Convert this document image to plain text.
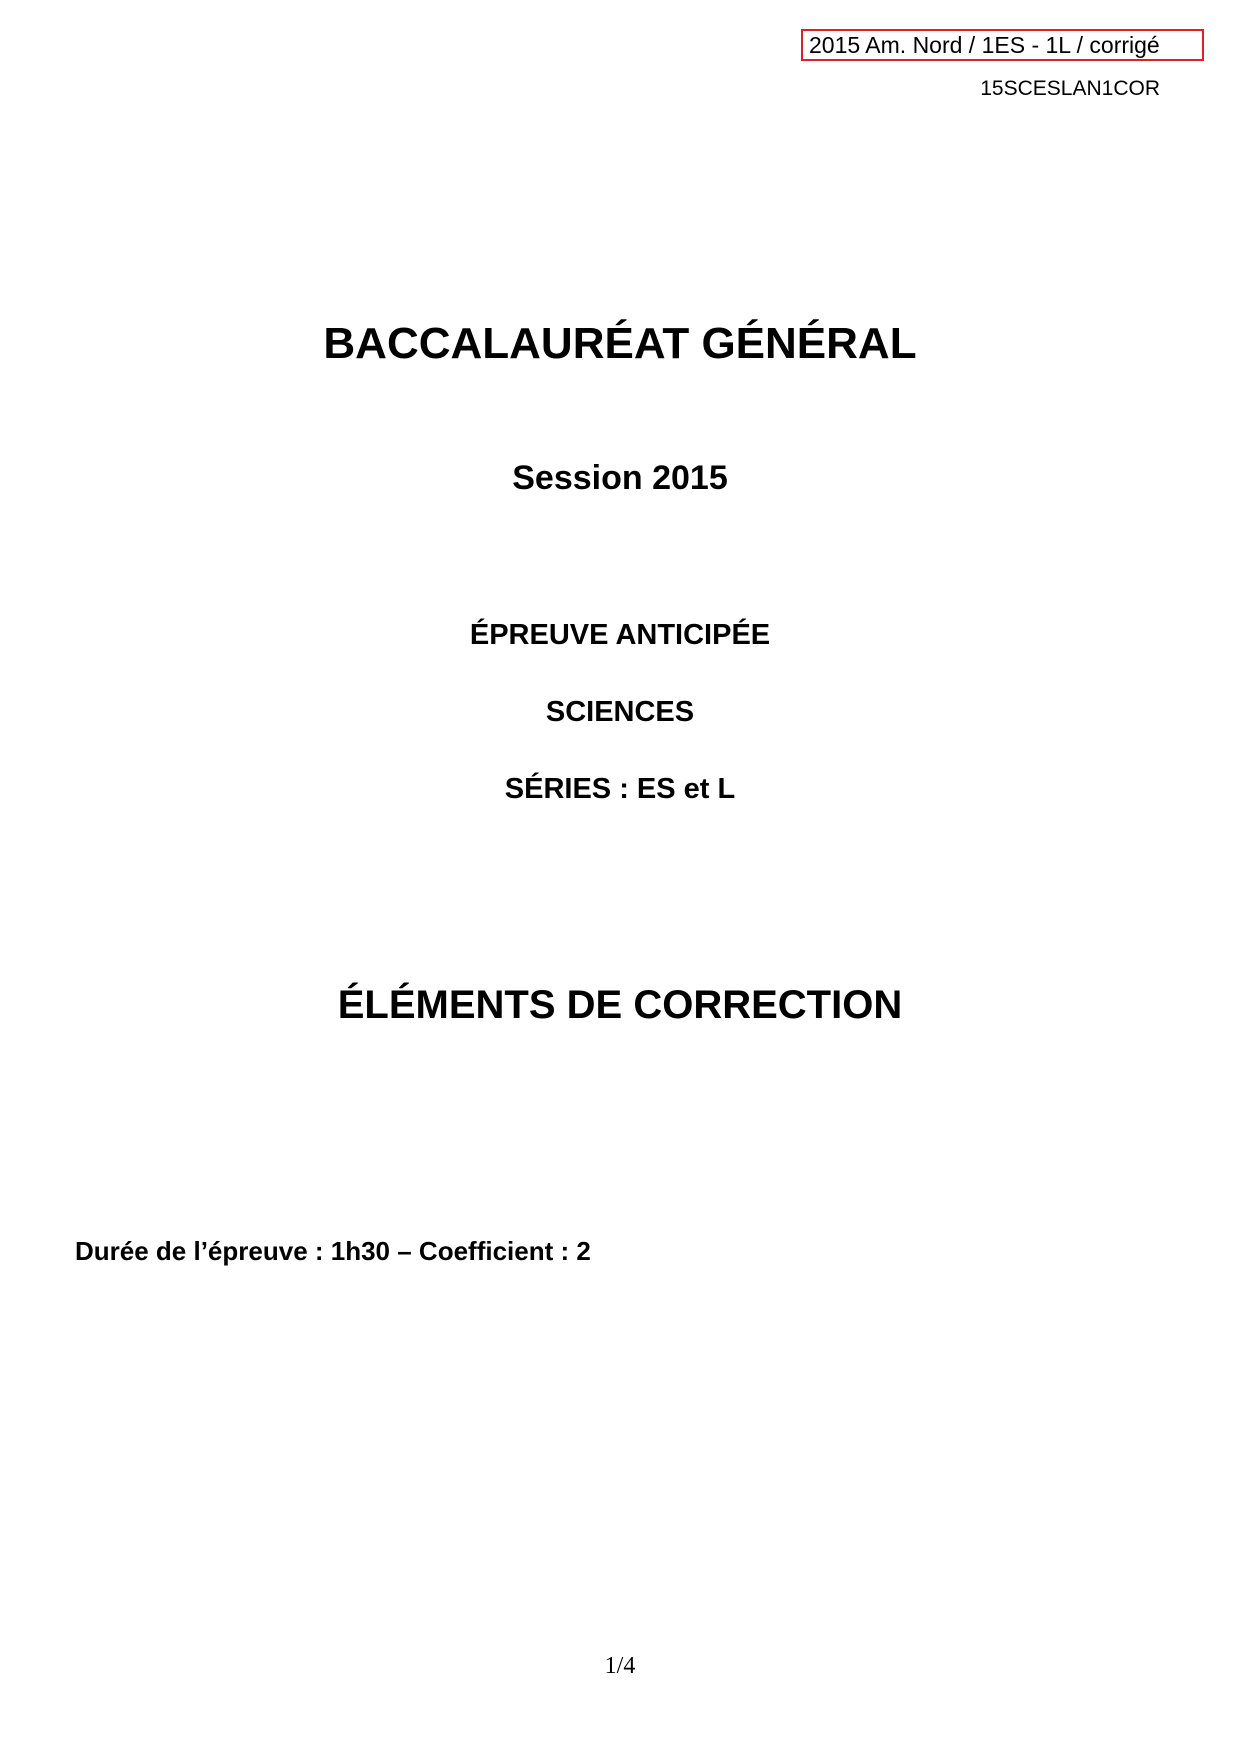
2015 Am. Nord / 1ES - 1L / corrigé
15SCESLAN1COR
BACCALAURÉAT GÉNÉRAL
Session 2015
ÉPREUVE ANTICIPÉE
SCIENCES
SÉRIES : ES et L
ÉLÉMENTS DE CORRECTION
Durée de l’épreuve : 1h30 – Coefficient : 2
1/4
